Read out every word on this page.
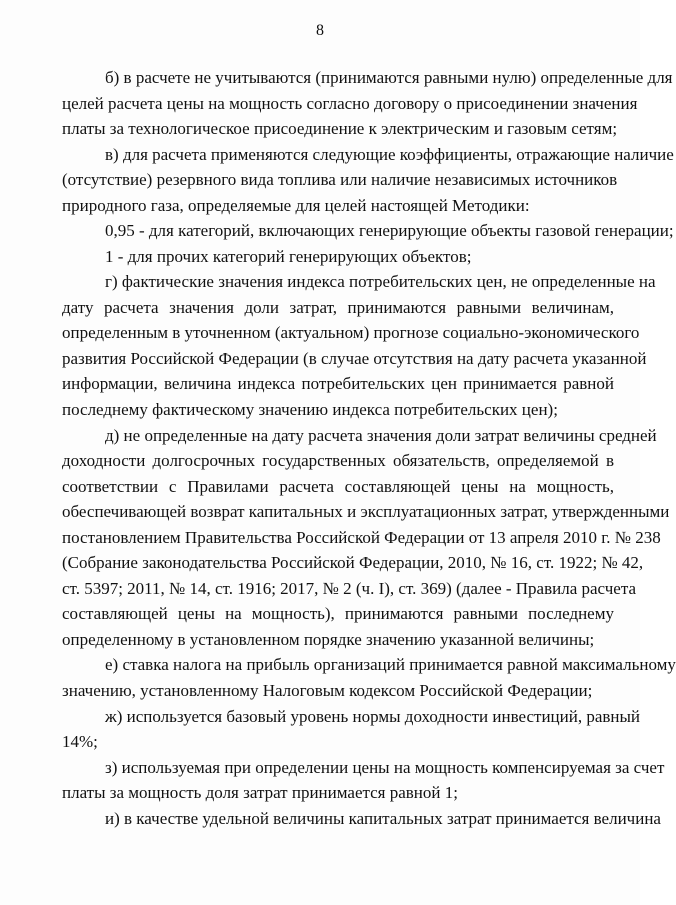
8
б) в расчете не учитываются (принимаются равными нулю) определенные для
целей расчета цены на мощность согласно договору о присоединении значения
платы за технологическое присоединение к электрическим и газовым сетям;
в) для расчета применяются следующие коэффициенты, отражающие наличие
(отсутствие) резервного вида топлива или наличие независимых источников
природного газа, определяемые для целей настоящей Методики:
0,95 - для категорий, включающих генерирующие объекты газовой генерации;
1 - для прочих категорий генерирующих объектов;
г) фактические значения индекса потребительских цен, не определенные на
дату расчета значения доли затрат, принимаются равными величинам,
определенным в уточненном (актуальном) прогнозе социально-экономического
развития Российской Федерации (в случае отсутствия на дату расчета указанной
информации, величина индекса потребительских цен принимается равной
последнему фактическому значению индекса потребительских цен);
д) не определенные на дату расчета значения доли затрат величины средней
доходности долгосрочных государственных обязательств, определяемой в
соответствии с Правилами расчета составляющей цены на мощность,
обеспечивающей возврат капитальных и эксплуатационных затрат, утвержденными
постановлением Правительства Российской Федерации от 13 апреля 2010 г. № 238
(Собрание законодательства Российской Федерации, 2010, № 16, ст. 1922; № 42,
ст. 5397; 2011, № 14, ст. 1916; 2017, № 2 (ч. I), ст. 369) (далее - Правила расчета
составляющей цены на мощность), принимаются равными последнему
определенному в установленном порядке значению указанной величины;
е) ставка налога на прибыль организаций принимается равной максимальному
значению, установленному Налоговым кодексом Российской Федерации;
ж) используется базовый уровень нормы доходности инвестиций, равный
14%;
з) используемая при определении цены на мощность компенсируемая за счет
платы за мощность доля затрат принимается равной 1;
и) в качестве удельной величины капитальных затрат принимается величина
